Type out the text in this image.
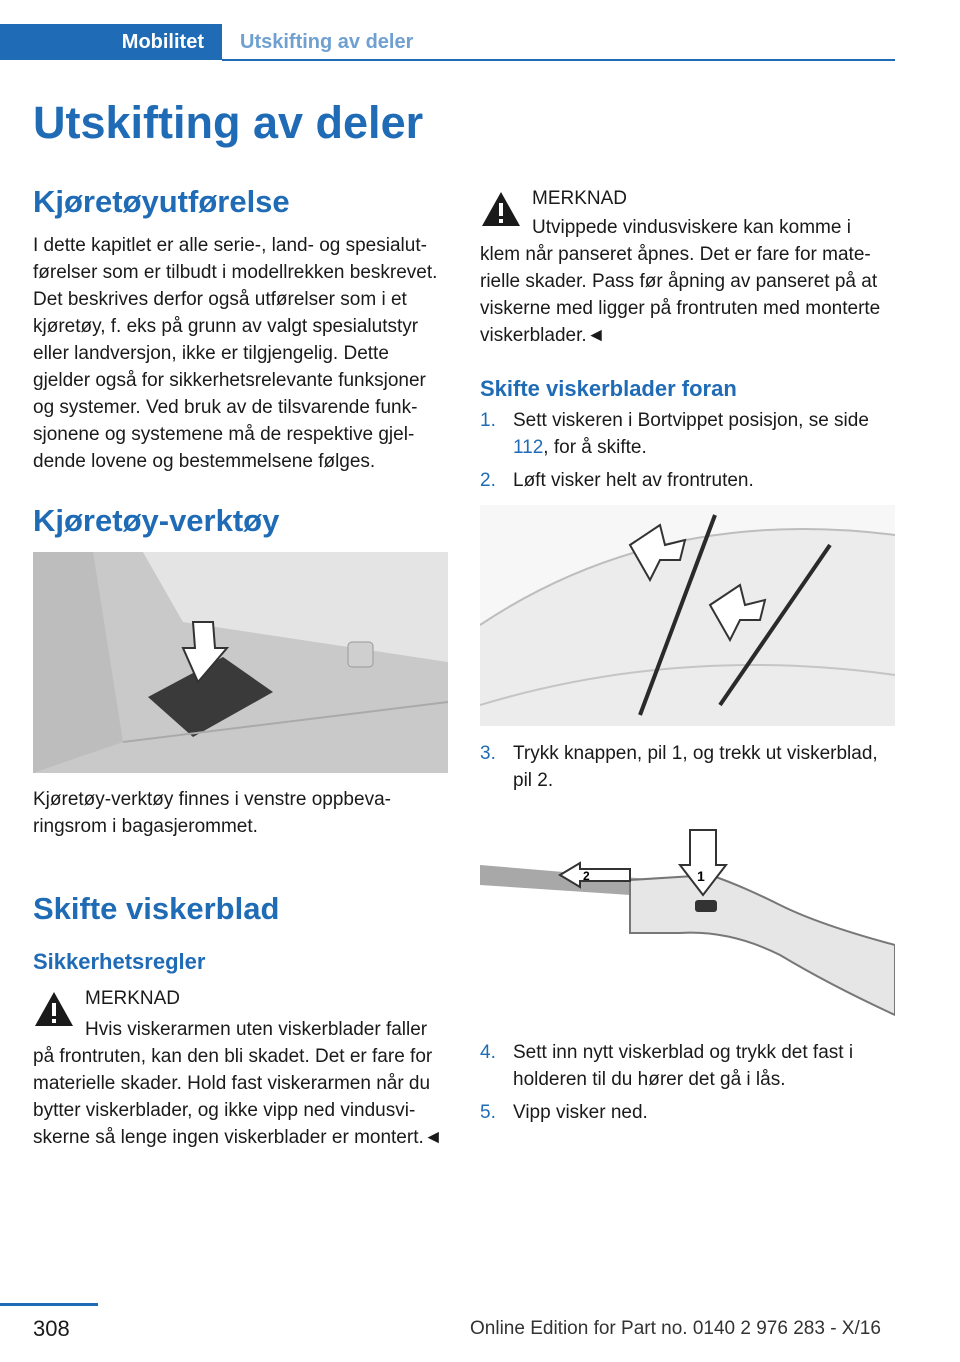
Mobilitet	Utskifting av deler
Utskifting av deler
Kjøretøyutførelse

I dette kapitlet er alle serie-, land- og spesialutførelser som er tilbudt i modellrekken beskrevet. Det beskrives derfor også utførelser som i et kjøretøy, f. eks på grunn av valgt spesialutstyr eller landversjon, ikke er tilgjengelig. Dette gjelder også for sikkerhetsrelevante funksjoner og systemer. Ved bruk av de tilsvarende funksjonene og systemene må de respektive gjeldende lovene og bestemmelsene følges.

Kjøretøy-verktøy

Kjøretøy-verktøy finnes i venstre oppbevaringsrom i bagasjerommet.

Skifte viskerblad
Sikkerhetsregler
MERKNAD

Hvis viskerarmen uten viskerblader faller på frontruten, kan den bli skadet. Det er fare for materielle skader. Hold fast viskerarmen når du bytter viskerblader, og ikke vipp ned vindusviskerne så lenge ingen viskerblader er montert.◄

MERKNAD

Utvippede vindusviskere kan komme i klem når panseret åpnes. Det er fare for materielle skader. Pass før åpning av panseret på at viskerne med ligger på frontruten med monterte viskerblader.◄

Skifte viskerblader foran
1. Sett viskeren i Bortvippet posisjon, se side 112, for å skifte.
2. Løft visker helt av frontruten.
3. Trykk knappen, pil 1, og trekk ut viskerblad, pil 2.
2	1
4. Sett inn nytt viskerblad og trykk det fast i holderen til du hører det gå i lås.
5. Vipp visker ned.
308	Online Edition for Part no. 0140 2 976 283 - X/16
